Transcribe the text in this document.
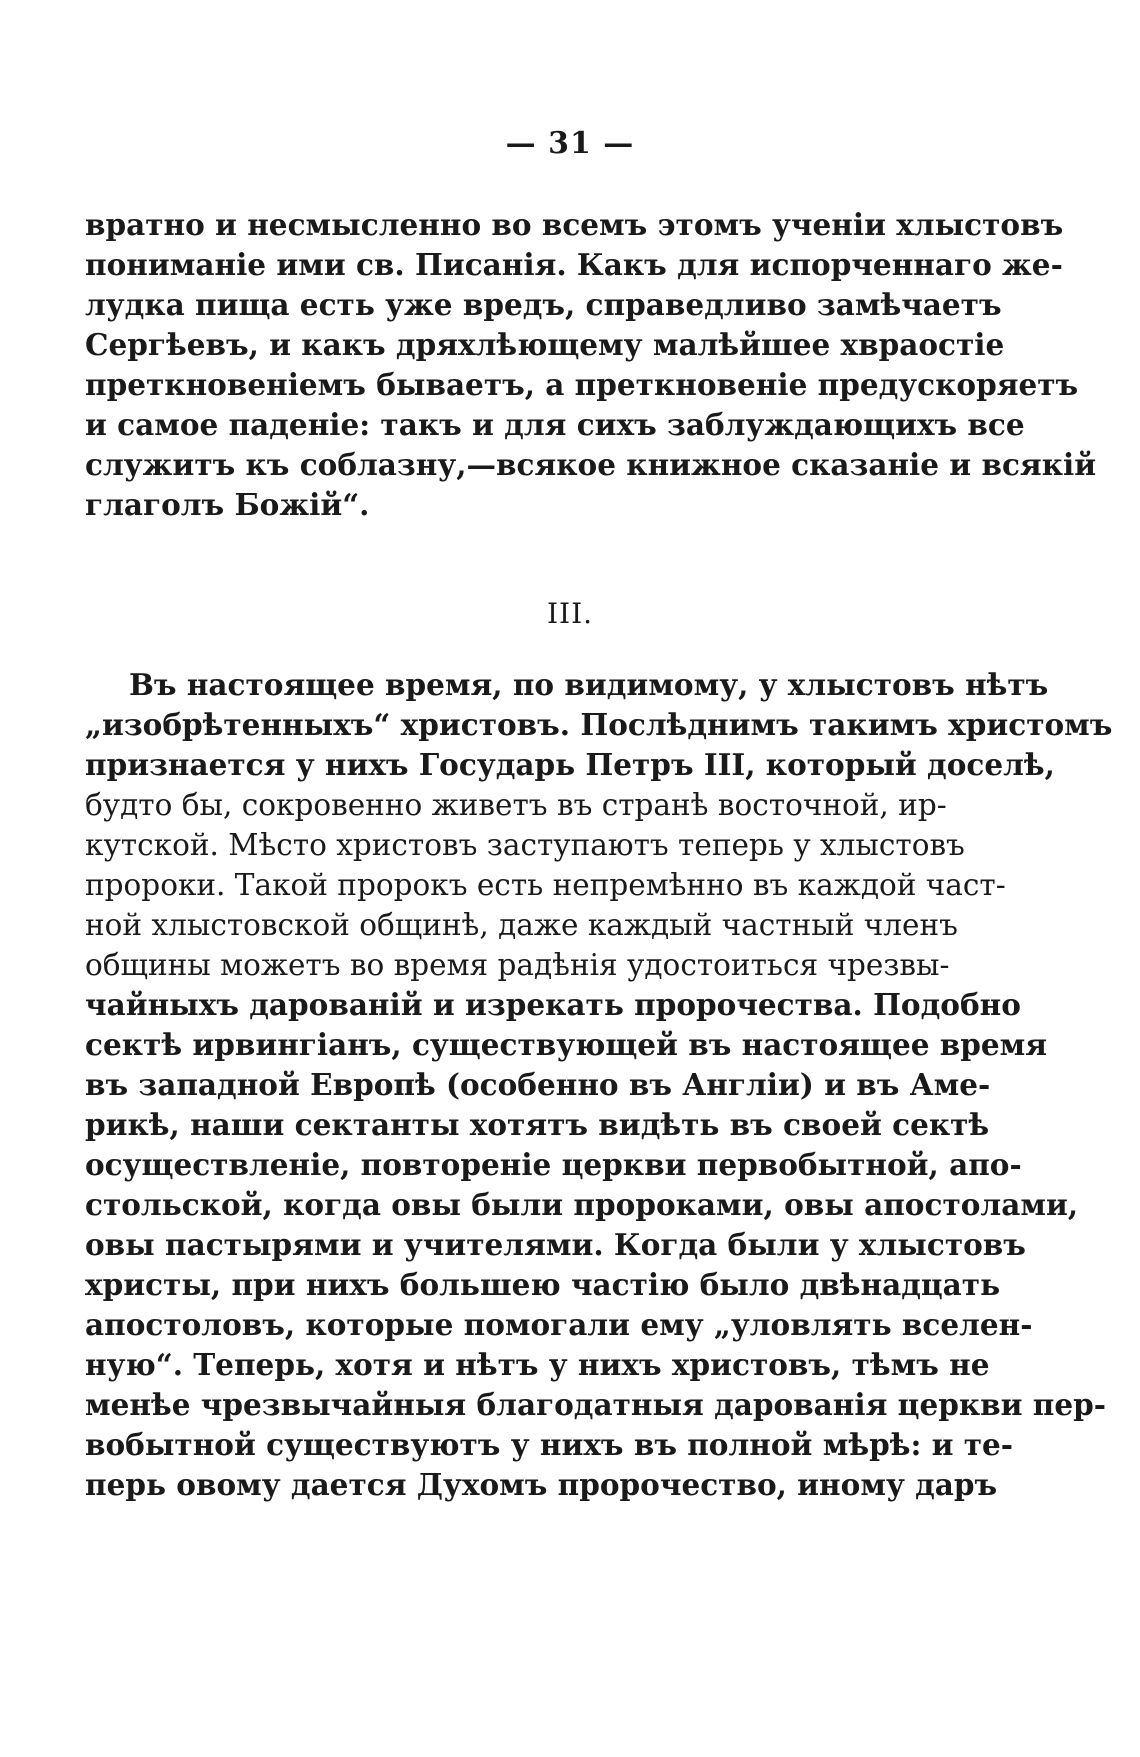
— 31 —
вратно и несмысленно во всемъ этомъ ученіи хлыстовъ
пониманіе ими св. Писанія. Какъ для испорченнаго же-
лудка пища есть уже вредъ, справедливо замѣчаетъ
Сергѣевъ, и какъ дряхлѣющему малѣйшее хвраостіе
преткновеніемъ бываетъ, а преткновеніе предускоряетъ
и самое паденіе: такъ и для сихъ заблуждающихъ все
служитъ къ соблазну,—всякое книжное сказаніе и всякій
глаголъ Божій“.
III.
Въ настоящее время, по видимому, у хлыстовъ нѣтъ
„изобрѣтенныхъ“ христовъ. Послѣднимъ такимъ христомъ
признается у нихъ Государь Петръ III, который доселѣ,
будто бы, сокровенно живетъ въ странѣ восточной, ир-
кутской. Мѣсто христовъ заступаютъ теперь у хлыстовъ
пророки. Такой пророкъ есть непремѣнно въ каждой част-
ной хлыстовской общинѣ, даже каждый частный членъ
общины можетъ во время радѣнія удостоиться чрезвы-
чайныхъ дарованій и изрекать пророчества. Подобно
сектѣ ирвингіанъ, существующей въ настоящее время
въ западной Европѣ (особенно въ Англіи) и въ Аме-
рикѣ, наши сектанты хотятъ видѣть въ своей сектѣ
осуществленіе, повтореніе церкви первобытной, апо-
стольской, когда овы были пророками, овы апостолами,
овы пастырями и учителями. Когда были у хлыстовъ
христы, при нихъ большею частію было двѣнадцать
апостоловъ, которые помогали ему „уловлять вселен-
ную“. Теперь, хотя и нѣтъ у нихъ христовъ, тѣмъ не
менѣе чрезвычайныя благодатныя дарованія церкви пер-
вобытной существуютъ у нихъ въ полной мѣрѣ: и те-
перь овому дается Духомъ пророчество, иному даръ
